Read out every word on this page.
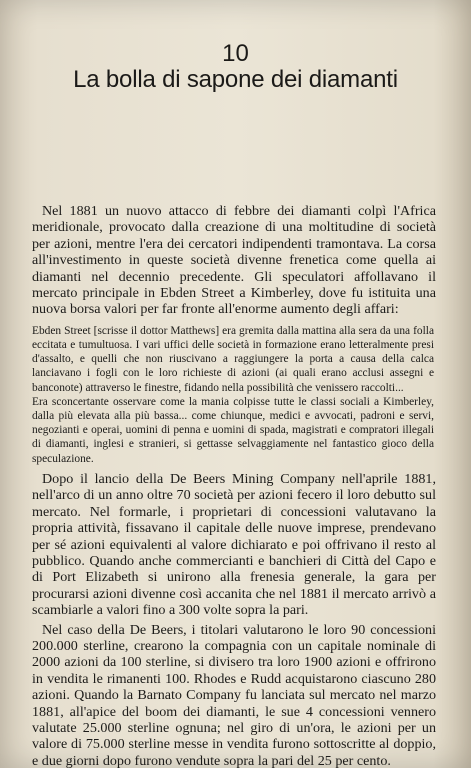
10
La bolla di sapone dei diamanti

Nel 1881 un nuovo attacco di febbre dei diamanti colpì l'Africa meridionale, provocato dalla creazione di una moltitudine di società per azioni, mentre l'era dei cercatori indipendenti tramontava. La corsa all'investimento in queste società divenne frenetica come quella ai diamanti nel decennio precedente. Gli speculatori affollavano il mercato principale in Ebden Street a Kimberley, dove fu istituita una nuova borsa valori per far fronte all'enorme aumento degli affari:

Ebden Street [scrisse il dottor Matthews] era gremita dalla mattina alla sera da una folla eccitata e tumultuosa. I vari uffici delle società in formazione erano letteralmente presi d'assalto, e quelli che non riuscivano a raggiungere la porta a causa della calca lanciavano i fogli con le loro richieste di azioni (ai quali erano acclusi assegni e banconote) attraverso le finestre, fidando nella possibilità che venissero raccolti...

Era sconcertante osservare come la mania colpisse tutte le classi sociali a Kimberley, dalla più elevata alla più bassa... come chiunque, medici e avvocati, padroni e servi, negozianti e operai, uomini di penna e uomini di spada, magistrati e compratori illegali di diamanti, inglesi e stranieri, si gettasse selvaggiamente nel fantastico gioco della speculazione.

Dopo il lancio della De Beers Mining Company nell'aprile 1881, nell'arco di un anno oltre 70 società per azioni fecero il loro debutto sul mercato. Nel formarle, i proprietari di concessioni valutavano la propria attività, fissavano il capitale delle nuove imprese, prendevano per sé azioni equivalenti al valore dichiarato e poi offrivano il resto al pubblico. Quando anche commercianti e banchieri di Città del Capo e di Port Elizabeth si unirono alla frenesia generale, la gara per procurarsi azioni divenne così accanita che nel 1881 il mercato arrivò a scambiarle a valori fino a 300 volte sopra la pari.

Nel caso della De Beers, i titolari valutarono le loro 90 concessioni 200.000 sterline, crearono la compagnia con un capitale nominale di 2000 azioni da 100 sterline, si divisero tra loro 1900 azioni e offrirono in vendita le rimanenti 100. Rhodes e Rudd acquistarono ciascuno 280 azioni. Quando la Barnato Company fu lanciata sul mercato nel marzo 1881, all'apice del boom dei diamanti, le sue 4 concessioni vennero valutate 25.000 sterline ognuna; nel giro di un'ora, le azioni per un valore di 75.000 sterline messe in vendita furono sottoscritte al doppio, e due giorni dopo furono vendute sopra la pari del 25 per cento.
